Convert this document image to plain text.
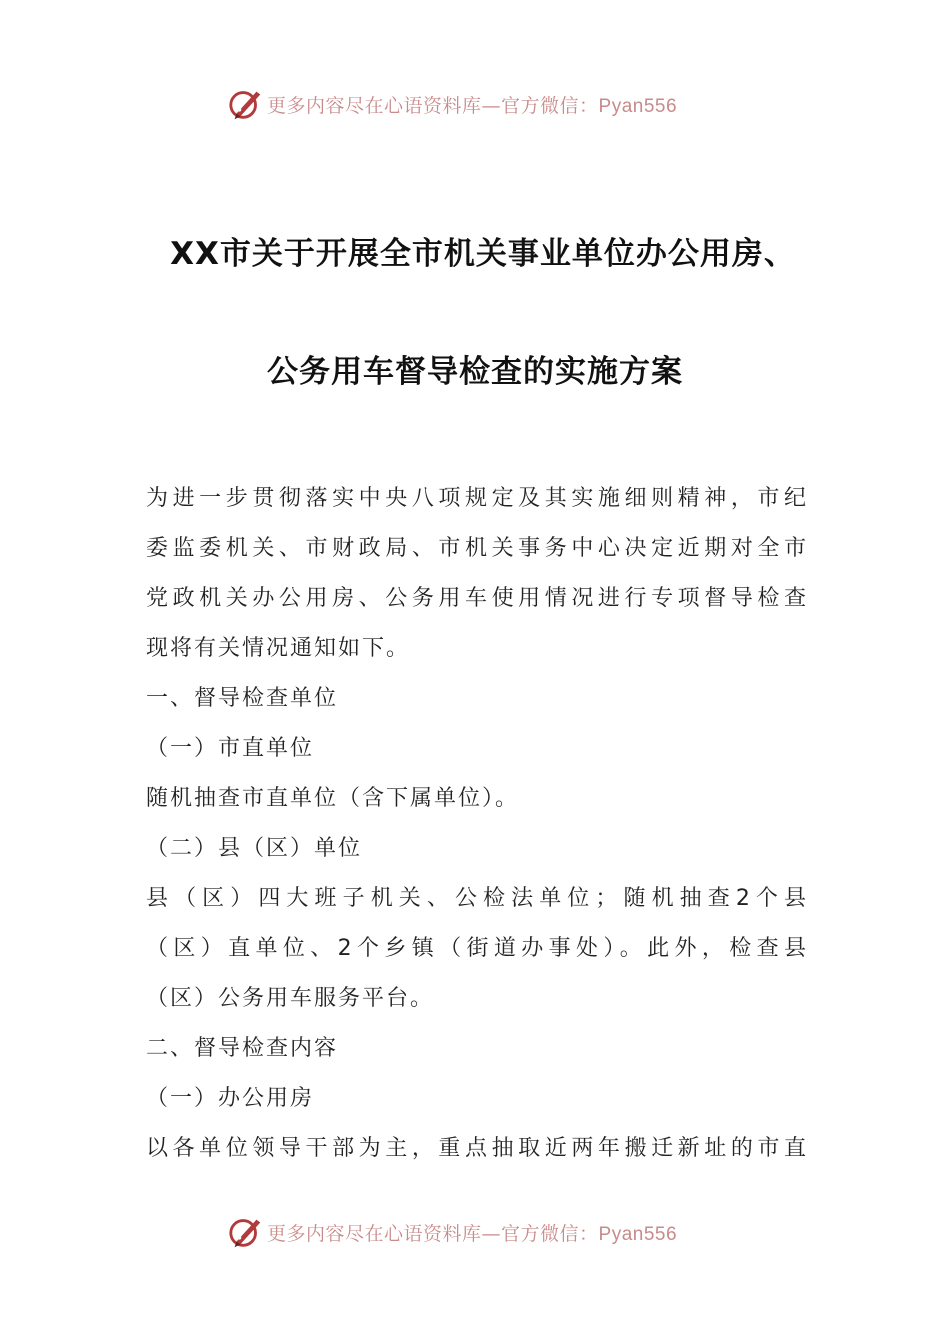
更多内容尽在心语资料库—官方微信：Pyan556
XX市关于开展全市机关事业单位办公用房、
公务用车督导检查的实施方案
为进一步贯彻落实中央八项规定及其实施细则精神，市纪
委监委机关、市财政局、市机关事务中心决定近期对全市
党政机关办公用房、公务用车使用情况进行专项督导检查
现将有关情况通知如下。
一、督导检查单位
（一）市直单位
随机抽查市直单位（含下属单位）。
（二）县（区）单位
县（区）四大班子机关、公检法单位；随机抽查2个县
（区）直单位、2个乡镇（街道办事处）。此外，检查县
（区）公务用车服务平台。
二、督导检查内容
（一）办公用房
以各单位领导干部为主，重点抽取近两年搬迁新址的市直
更多内容尽在心语资料库—官方微信：Pyan556
